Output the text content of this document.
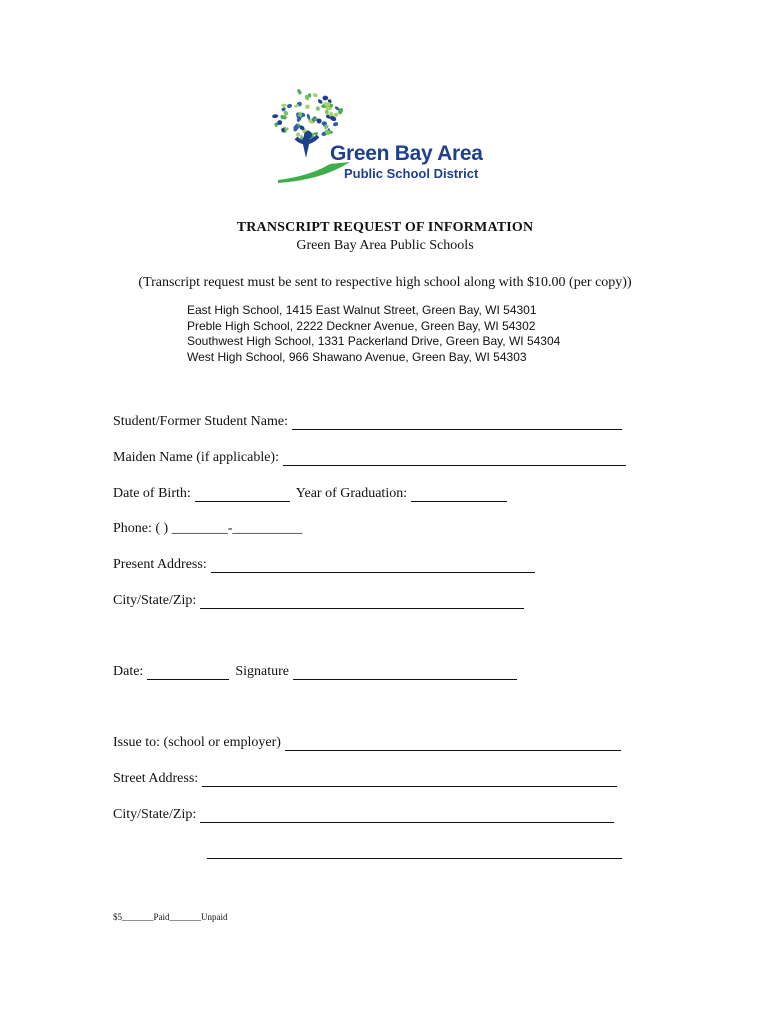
Green Bay Area
Public School District
TRANSCRIPT REQUEST OF INFORMATION
Green Bay Area Public Schools
(Transcript request must be sent to respective high school along with $10.00 (per copy))
East High School, 1415 East Walnut Street, Green Bay, WI 54301
Preble High School, 2222 Deckner Avenue, Green Bay, WI 54302
Southwest High School, 1331 Packerland Drive, Green Bay, WI 54304
West High School, 966 Shawano Avenue, Green Bay, WI 54303
Student/Former Student Name:
Maiden Name (if applicable):
Date of Birth:	Year of Graduation:
Phone: ( ) ________-__________
Present Address:
City/State/Zip:
Date:	Signature
Issue to: (school or employer)
Street Address:
City/State/Zip:
$5_______Paid_______Unpaid
